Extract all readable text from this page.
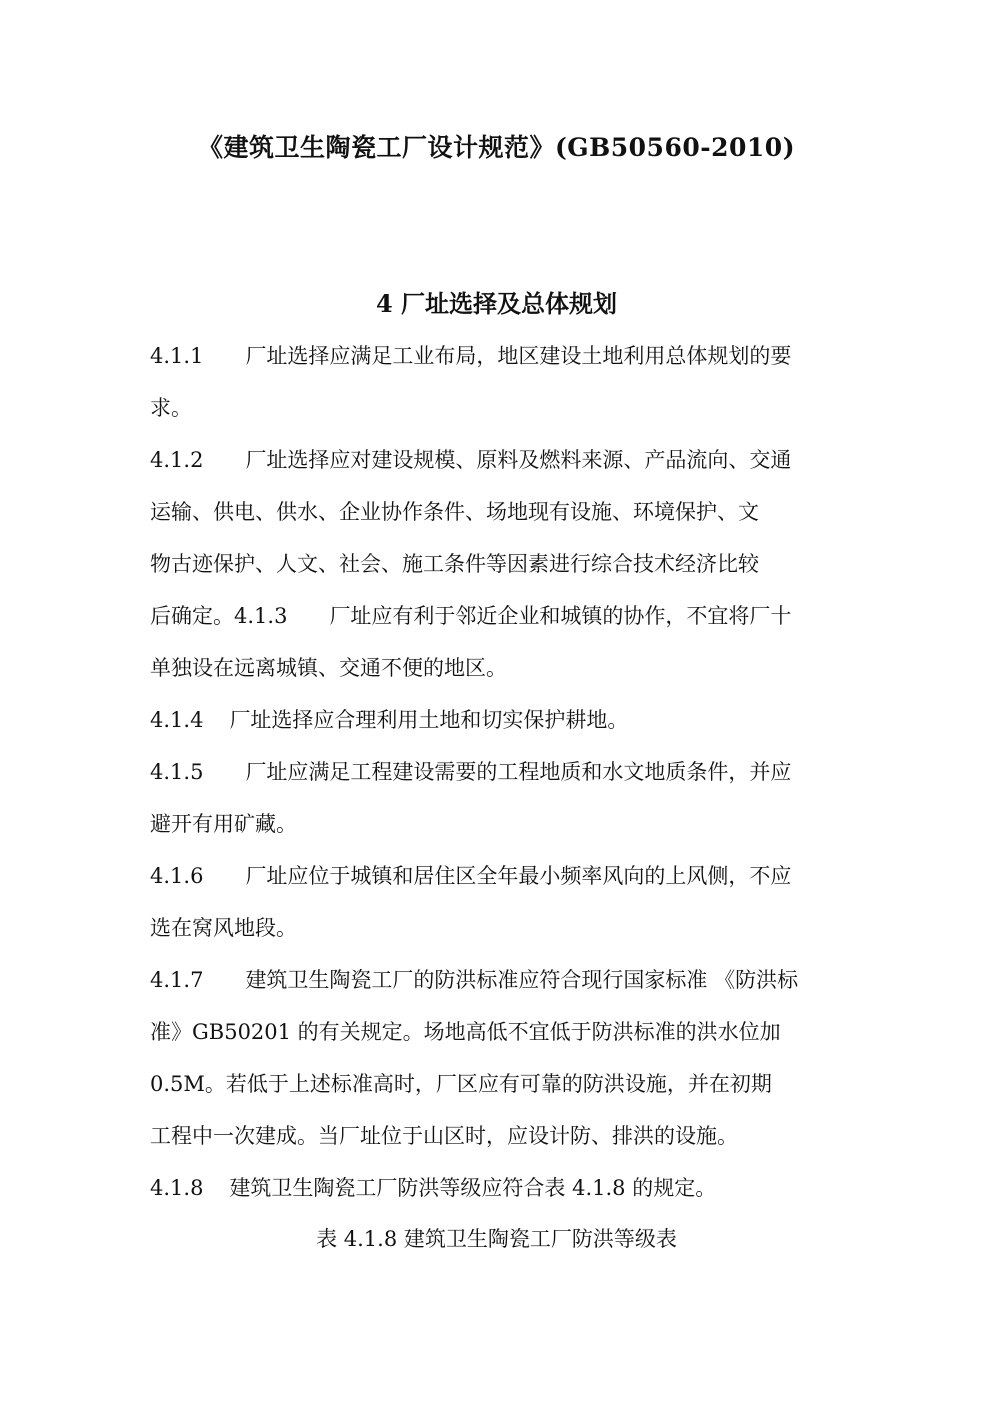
《建筑卫生陶瓷工厂设计规范》(GB50560-2010)
4 厂址选择及总体规划
4.1.1 厂址选择应满足工业布局，地区建设土地利用总体规划的要
求。
4.1.2 厂址选择应对建设规模、原料及燃料来源、产品流向、交通
运输、供电、供水、企业协作条件、场地现有设施、环境保护、文
物古迹保护、人文、社会、施工条件等因素进行综合技术经济比较
后确定。4.1.3 厂址应有利于邻近企业和城镇的协作，不宜将厂十
单独设在远离城镇、交通不便的地区。
4.1.4 厂址选择应合理利用土地和切实保护耕地。
4.1.5 厂址应满足工程建设需要的工程地质和水文地质条件，并应
避开有用矿藏。
4.1.6 厂址应位于城镇和居住区全年最小频率风向的上风侧，不应
选在窝风地段。
4.1.7 建筑卫生陶瓷工厂的防洪标准应符合现行国家标准 《防洪标
准》GB50201 的有关规定。场地高低不宜低于防洪标准的洪水位加
0.5M。若低于上述标准高时，厂区应有可靠的防洪设施，并在初期
工程中一次建成。当厂址位于山区时，应设计防、排洪的设施。
4.1.8 建筑卫生陶瓷工厂防洪等级应符合表 4.1.8 的规定。
表 4.1.8 建筑卫生陶瓷工厂防洪等级表
